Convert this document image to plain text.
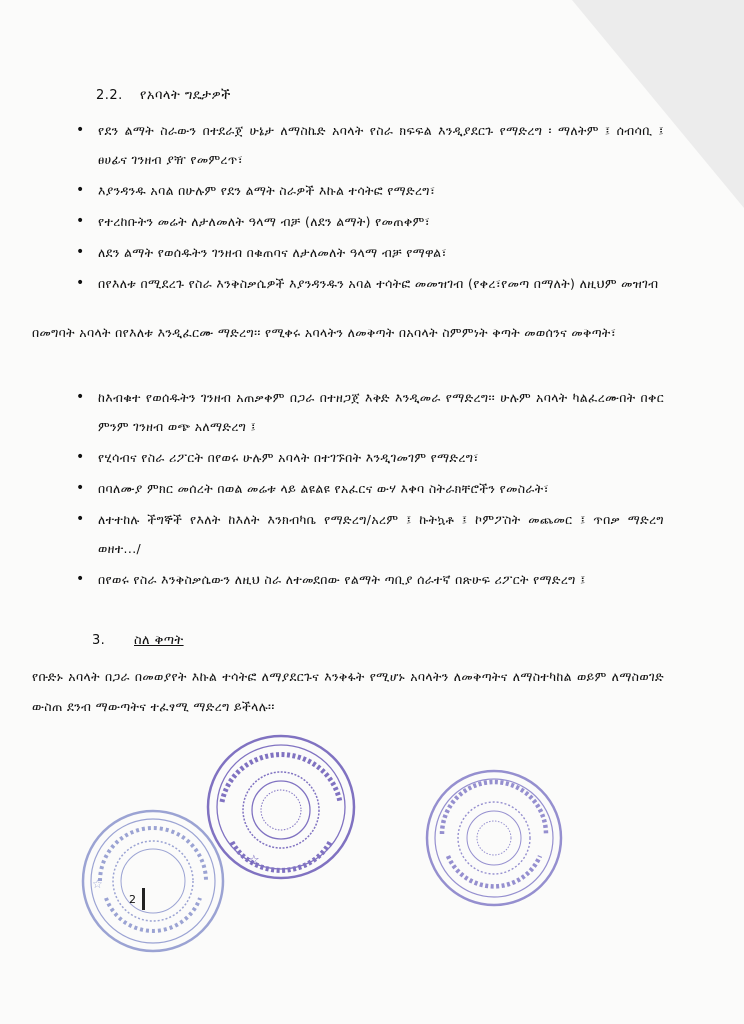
2.2. የአባላት ግዴታዎች
• የደን ልማት ስራውን በተደራጀ ሁኔታ ለማስኬድ አባላት የስራ ክፍፍል እንዲያደርጉ የማድረግ ፡ ማለትም ፤ ሰብሳቢ ፤ ፀሀፊና ገንዘብ ያዥ የመምረጥ፣
• እያንዳንዱ አባል በሁሉም የደን ልማት ስራዎች እኩል ተሳትፎ የማድረግ፣
• የተረከቡትን መሬት ለታለመለት ዓላማ ብቻ (ለደን ልማት) የመጠቀም፣
• ለደን ልማት የወሰዱትን ገንዘብ በቁጠባና ለታለመለት ዓላማ ብቻ የማዋል፣
• በየእለቱ በሚደረጉ የስራ እንቅስቃሴዎች እያንዳንዱን አባል ተሳትፎ መመዝገብ (የቀረ፣የመጣ በማለት) ለዚህም መዝገብ

በመግባት አባላት በየእለቱ እንዲፈርሙ ማድረግ፡፡ የሚቀሩ አባላትን ለመቅጣት በአባላት ስምምነት ቅጣት መወሰንና መቅጣት፣

• ከእብቁተ የወሰዱትን ገንዘብ አጠቃቀም በጋራ በተዘጋጀ እቅድ እንዲመራ የማድረግ፡፡ ሁሉም አባላት ካልፈረሙበት በቀር ምንም ገንዘብ ወጭ አለማድረግ ፤
• የሂሳብና የስራ ሪፖርት በየወሩ ሁሉም አባላት በተገኙበት እንዲገመገም የማድረግ፣
• በባለሙያ ምክር መሰረት በወል መሬቱ ላይ ልዩልዩ የአፈርና ውሃ እቀባ ስትራክቸሮችን የመስራት፣
• ለተተከሉ ችግኞች የእለት ከእለት እንክብካቤ የማድረግ/አረም ፤ ኩትኳቶ ፤ ኮምፖስት መጨመር ፤ ጥበቃ ማድረግ ወዘተ.../
• በየወሩ የስራ እንቅስቃሴውን ለዚህ ስራ ለተመደበው የልማት ጣቢያ ሰራተኛ በጽሁፍ ሪፖርት የማድረግ ፤
3. ስለ ቅጣት

የቡድኑ አባላት በጋራ በመወያየት እኩል ተሳትፎ ለማያደርጉና እንቅፋት የሚሆኑ አባላትን ለመቅጣትና ለማስተካከል ወይም ለማስወገድ ውስጠ ደንብ ማውጣትና ተፈፃሚ ማድረግ ይችላሉ፡፡

☆
☆
2
